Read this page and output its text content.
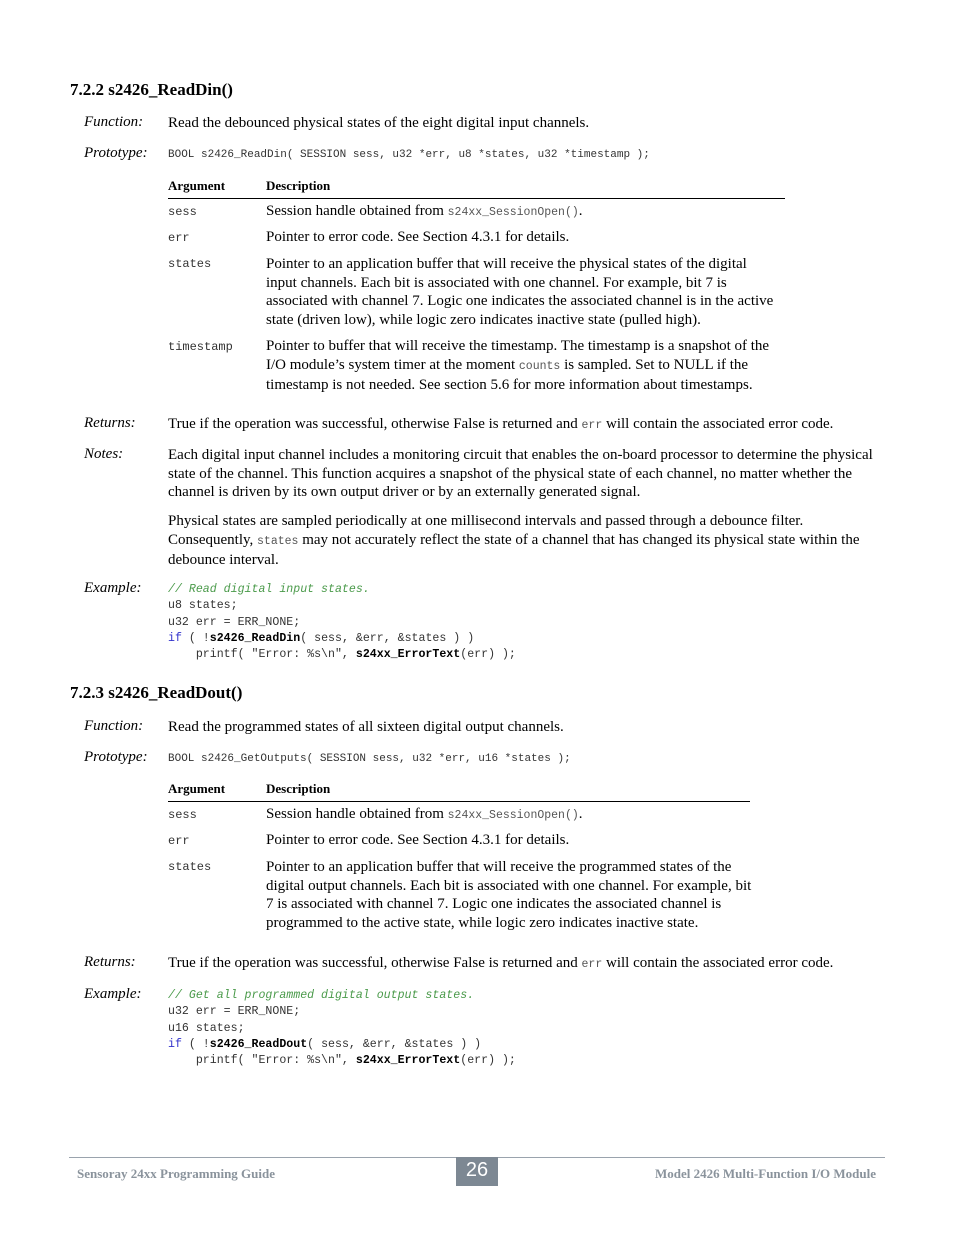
7.2.2 s2426_ReadDin()
Function: Read the debounced physical states of the eight digital input channels.
Prototype: BOOL s2426_ReadDin( SESSION sess, u32 *err, u8 *states, u32 *timestamp );
Argument	Description
sess	Session handle obtained from s24xx_SessionOpen().
err	Pointer to error code. See Section 4.3.1 for details.
states	Pointer to an application buffer that will receive the physical states of the digital input channels. Each bit is associated with one channel. For example, bit 7 is associated with channel 7. Logic one indicates the associated channel is in the active state (driven low), while logic zero indicates inactive state (pulled high).
timestamp Pointer to buffer that will receive the timestamp. The timestamp is a snapshot of the I/O module’s system timer at the moment counts is sampled. Set to NULL if the timestamp is not needed. See section 5.6 for more information about timestamps.
Returns: True if the operation was successful, otherwise False is returned and err will contain the associated error code.
Notes:	Each digital input channel includes a monitoring circuit that enables the on-board processor to determine the physical state of the channel. This function acquires a snapshot of the physical state of each channel, no matter whether the channel is driven by its own output driver or by an externally generated signal.
Physical states are sampled periodically at one millisecond intervals and passed through a debounce filter. Consequently, states may not accurately reflect the state of a channel that has changed its physical state within the debounce interval.
Example: // Read digital input states.
u8 states;
u32 err = ERR_NONE;
if ( !s2426_ReadDin( sess, &err, &states ) )
printf( "Error: %s\n", s24xx_ErrorText(err) );
7.2.3 s2426_ReadDout()
Function: Read the programmed states of all sixteen digital output channels.
Prototype: BOOL s2426_GetOutputs( SESSION sess, u32 *err, u16 *states );
Argument	Description
sess	Session handle obtained from s24xx_SessionOpen().
err	Pointer to error code. See Section 4.3.1 for details.
states	Pointer to an application buffer that will receive the programmed states of the digital output channels. Each bit is associated with one channel. For example, bit 7 is associated with channel 7. Logic one indicates the associated channel is programmed to the active state, while logic zero indicates inactive state.
Returns: True if the operation was successful, otherwise False is returned and err will contain the associated error code.
Example: // Get all programmed digital output states.
u32 err = ERR_NONE;
u16 states;
if ( !s2426_ReadDout( sess, &err, &states ) )
printf( "Error: %s\n", s24xx_ErrorText(err) );
Sensoray 24xx Programming Guide	26	Model 2426 Multi-Function I/O Module
